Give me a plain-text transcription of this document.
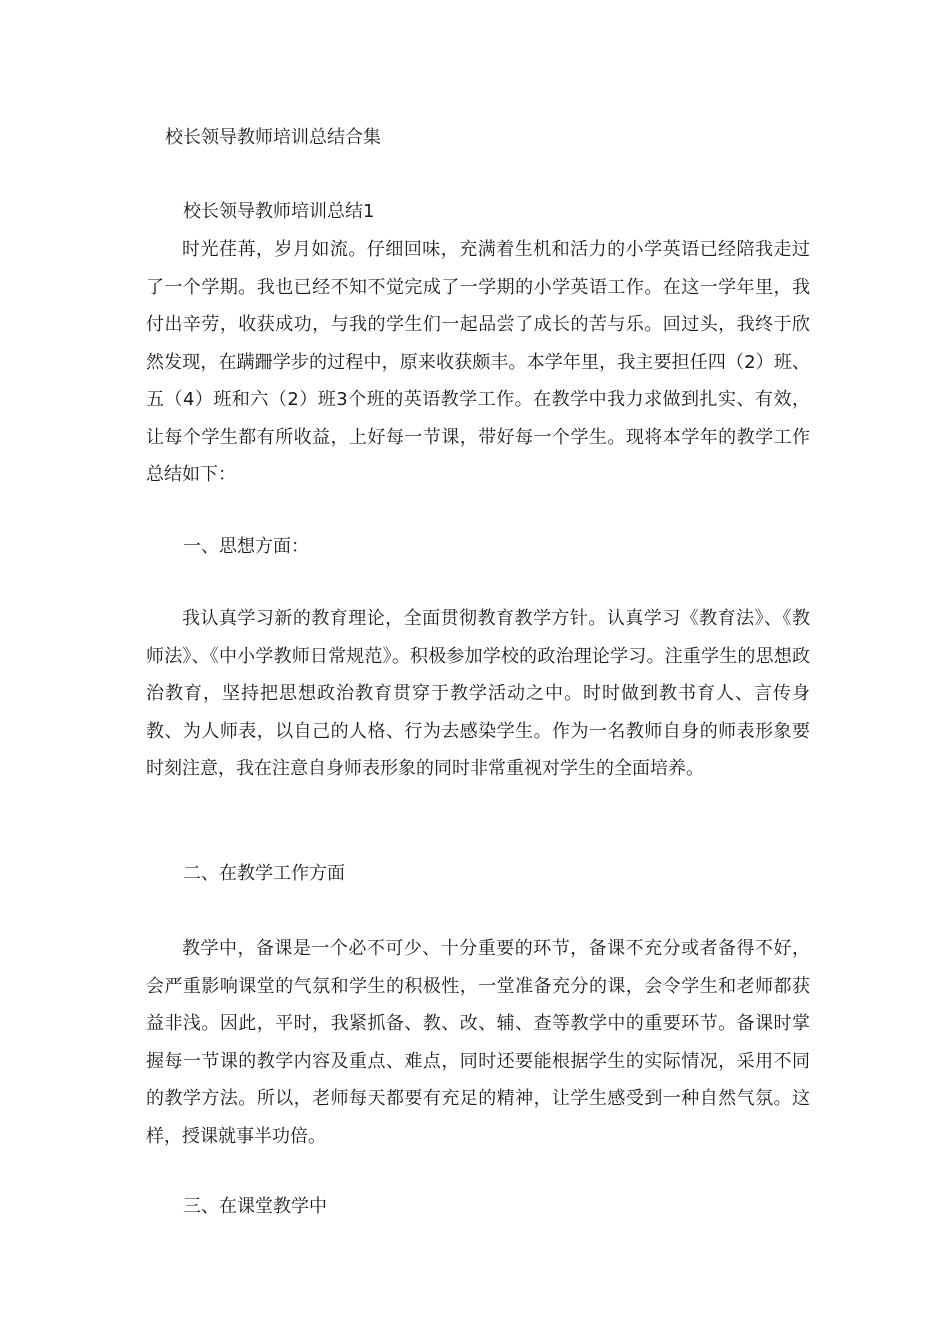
校长领导教师培训总结合集
校长领导教师培训总结1

时光荏苒，岁月如流。仔细回味，充满着生机和活力的小学英语已经陪我走过了一个学期。我也已经不知不觉完成了一学期的小学英语工作。在这一学年里，我付出辛劳，收获成功，与我的学生们一起品尝了成长的苦与乐。回过头，我终于欣然发现，在蹒跚学步的过程中，原来收获颇丰。本学年里，我主要担任四（2）班、五（4）班和六（2）班3个班的英语教学工作。在教学中我力求做到扎实、有效，让每个学生都有所收益，上好每一节课，带好每一个学生。现将本学年的教学工作总结如下：

一、思想方面：

我认真学习新的教育理论，全面贯彻教育教学方针。认真学习《教育法》、《教师法》、《中小学教师日常规范》。积极参加学校的政治理论学习。注重学生的思想政治教育，坚持把思想政治教育贯穿于教学活动之中。时时做到教书育人、言传身教、为人师表，以自己的人格、行为去感染学生。作为一名教师自身的师表形象要时刻注意，我在注意自身师表形象的同时非常重视对学生的全面培养。

二、在教学工作方面

教学中，备课是一个必不可少、十分重要的环节，备课不充分或者备得不好，会严重影响课堂的气氛和学生的积极性，一堂准备充分的课，会令学生和老师都获益非浅。因此，平时，我紧抓备、教、改、辅、查等教学中的重要环节。备课时掌握每一节课的教学内容及重点、难点，同时还要能根据学生的实际情况，采用不同的教学方法。所以，老师每天都要有充足的精神，让学生感受到一种自然气氛。这样，授课就事半功倍。

三、在课堂教学中
